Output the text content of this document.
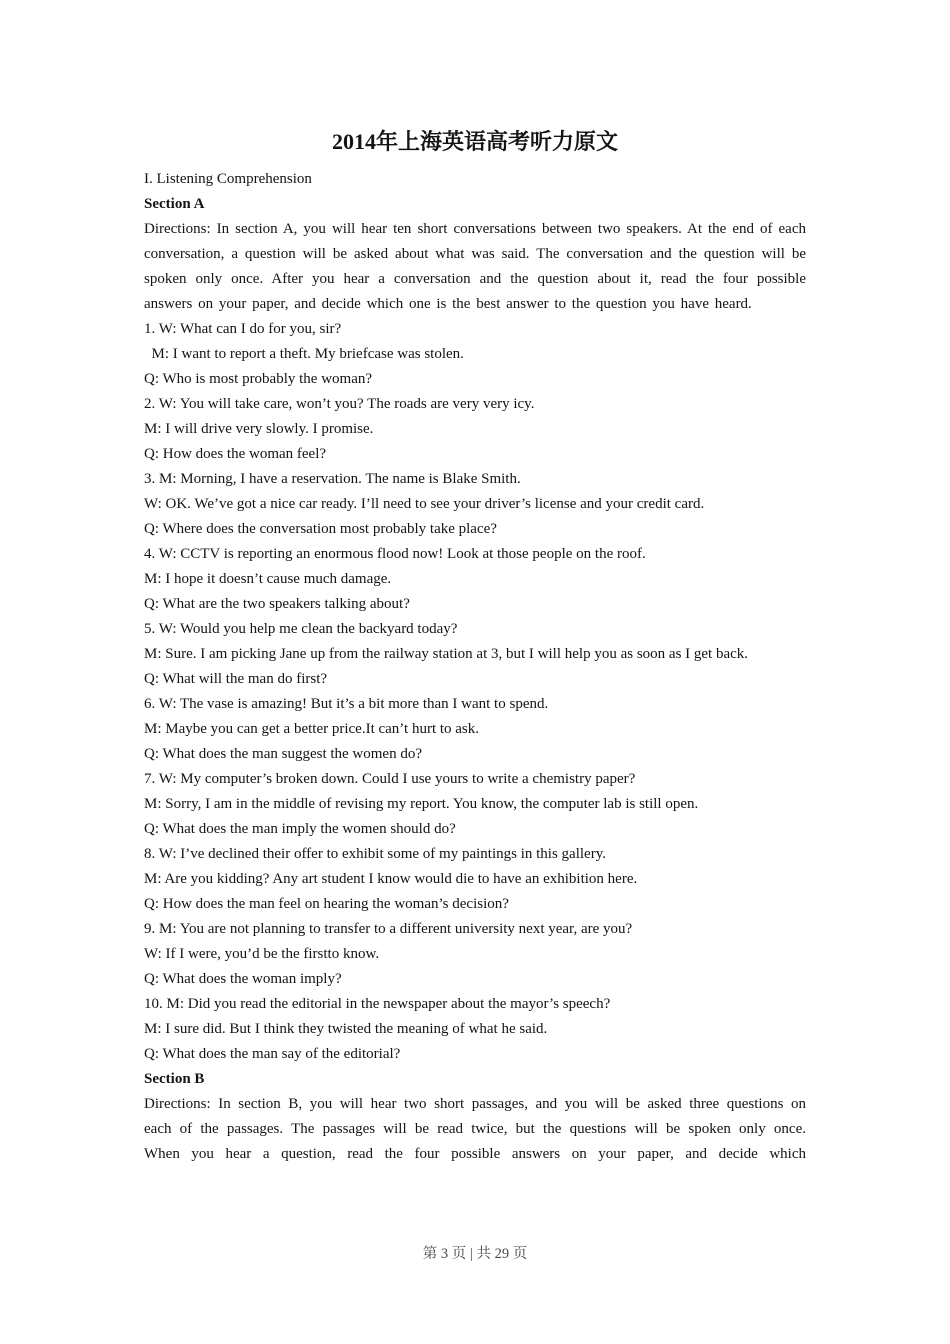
2014年上海英语高考听力原文
I. Listening Comprehension
Section A

Directions: In section A, you will hear ten short conversations between two speakers. At the end of each conversation, a question will be asked about what was said. The conversation and the question will be spoken only once. After you hear a conversation and the question about it, read the four possible answers on your paper, and decide which one is the best answer to the question you have heard.

1. W: What can I do for you, sir?
M: I want to report a theft. My briefcase was stolen.
Q: Who is most probably the woman?
2. W: You will take care, won’t you? The roads are very very icy.
M: I will drive very slowly. I promise.
Q: How does the woman feel?
3. M: Morning, I have a reservation. The name is Blake Smith.
W: OK. We’ve got a nice car ready. I’ll need to see your driver’s license and your credit card.
Q: Where does the conversation most probably take place?
4. W: CCTV is reporting an enormous flood now! Look at those people on the roof.
M: I hope it doesn’t cause much damage.
Q: What are the two speakers talking about?
5. W: Would you help me clean the backyard today?
M: Sure. I am picking Jane up from the railway station at 3, but I will help you as soon as I get back.
Q: What will the man do first?
6. W: The vase is amazing! But it’s a bit more than I want to spend.
M: Maybe you can get a better price.It can’t hurt to ask.
Q: What does the man suggest the women do?
7. W: My computer’s broken down. Could I use yours to write a chemistry paper?
M: Sorry, I am in the middle of revising my report. You know, the computer lab is still open.
Q: What does the man imply the women should do?
8. W: I’ve declined their offer to exhibit some of my paintings in this gallery.
M: Are you kidding? Any art student I know would die to have an exhibition here.
Q: How does the man feel on hearing the woman’s decision?
9. M: You are not planning to transfer to a different university next year, are you?
W: If I were, you’d be the firstto know.
Q: What does the woman imply?
10. M: Did you read the editorial in the newspaper about the mayor’s speech?
M: I sure did. But I think they twisted the meaning of what he said.
Q: What does the man say of the editorial?
Section B

Directions: In section B, you will hear two short passages, and you will be asked three questions on each of the passages. The passages will be read twice, but the questions will be spoken only once.  When you hear a question, read the four possible answers on your paper, and decide which

第 3 页 | 共 29 页
